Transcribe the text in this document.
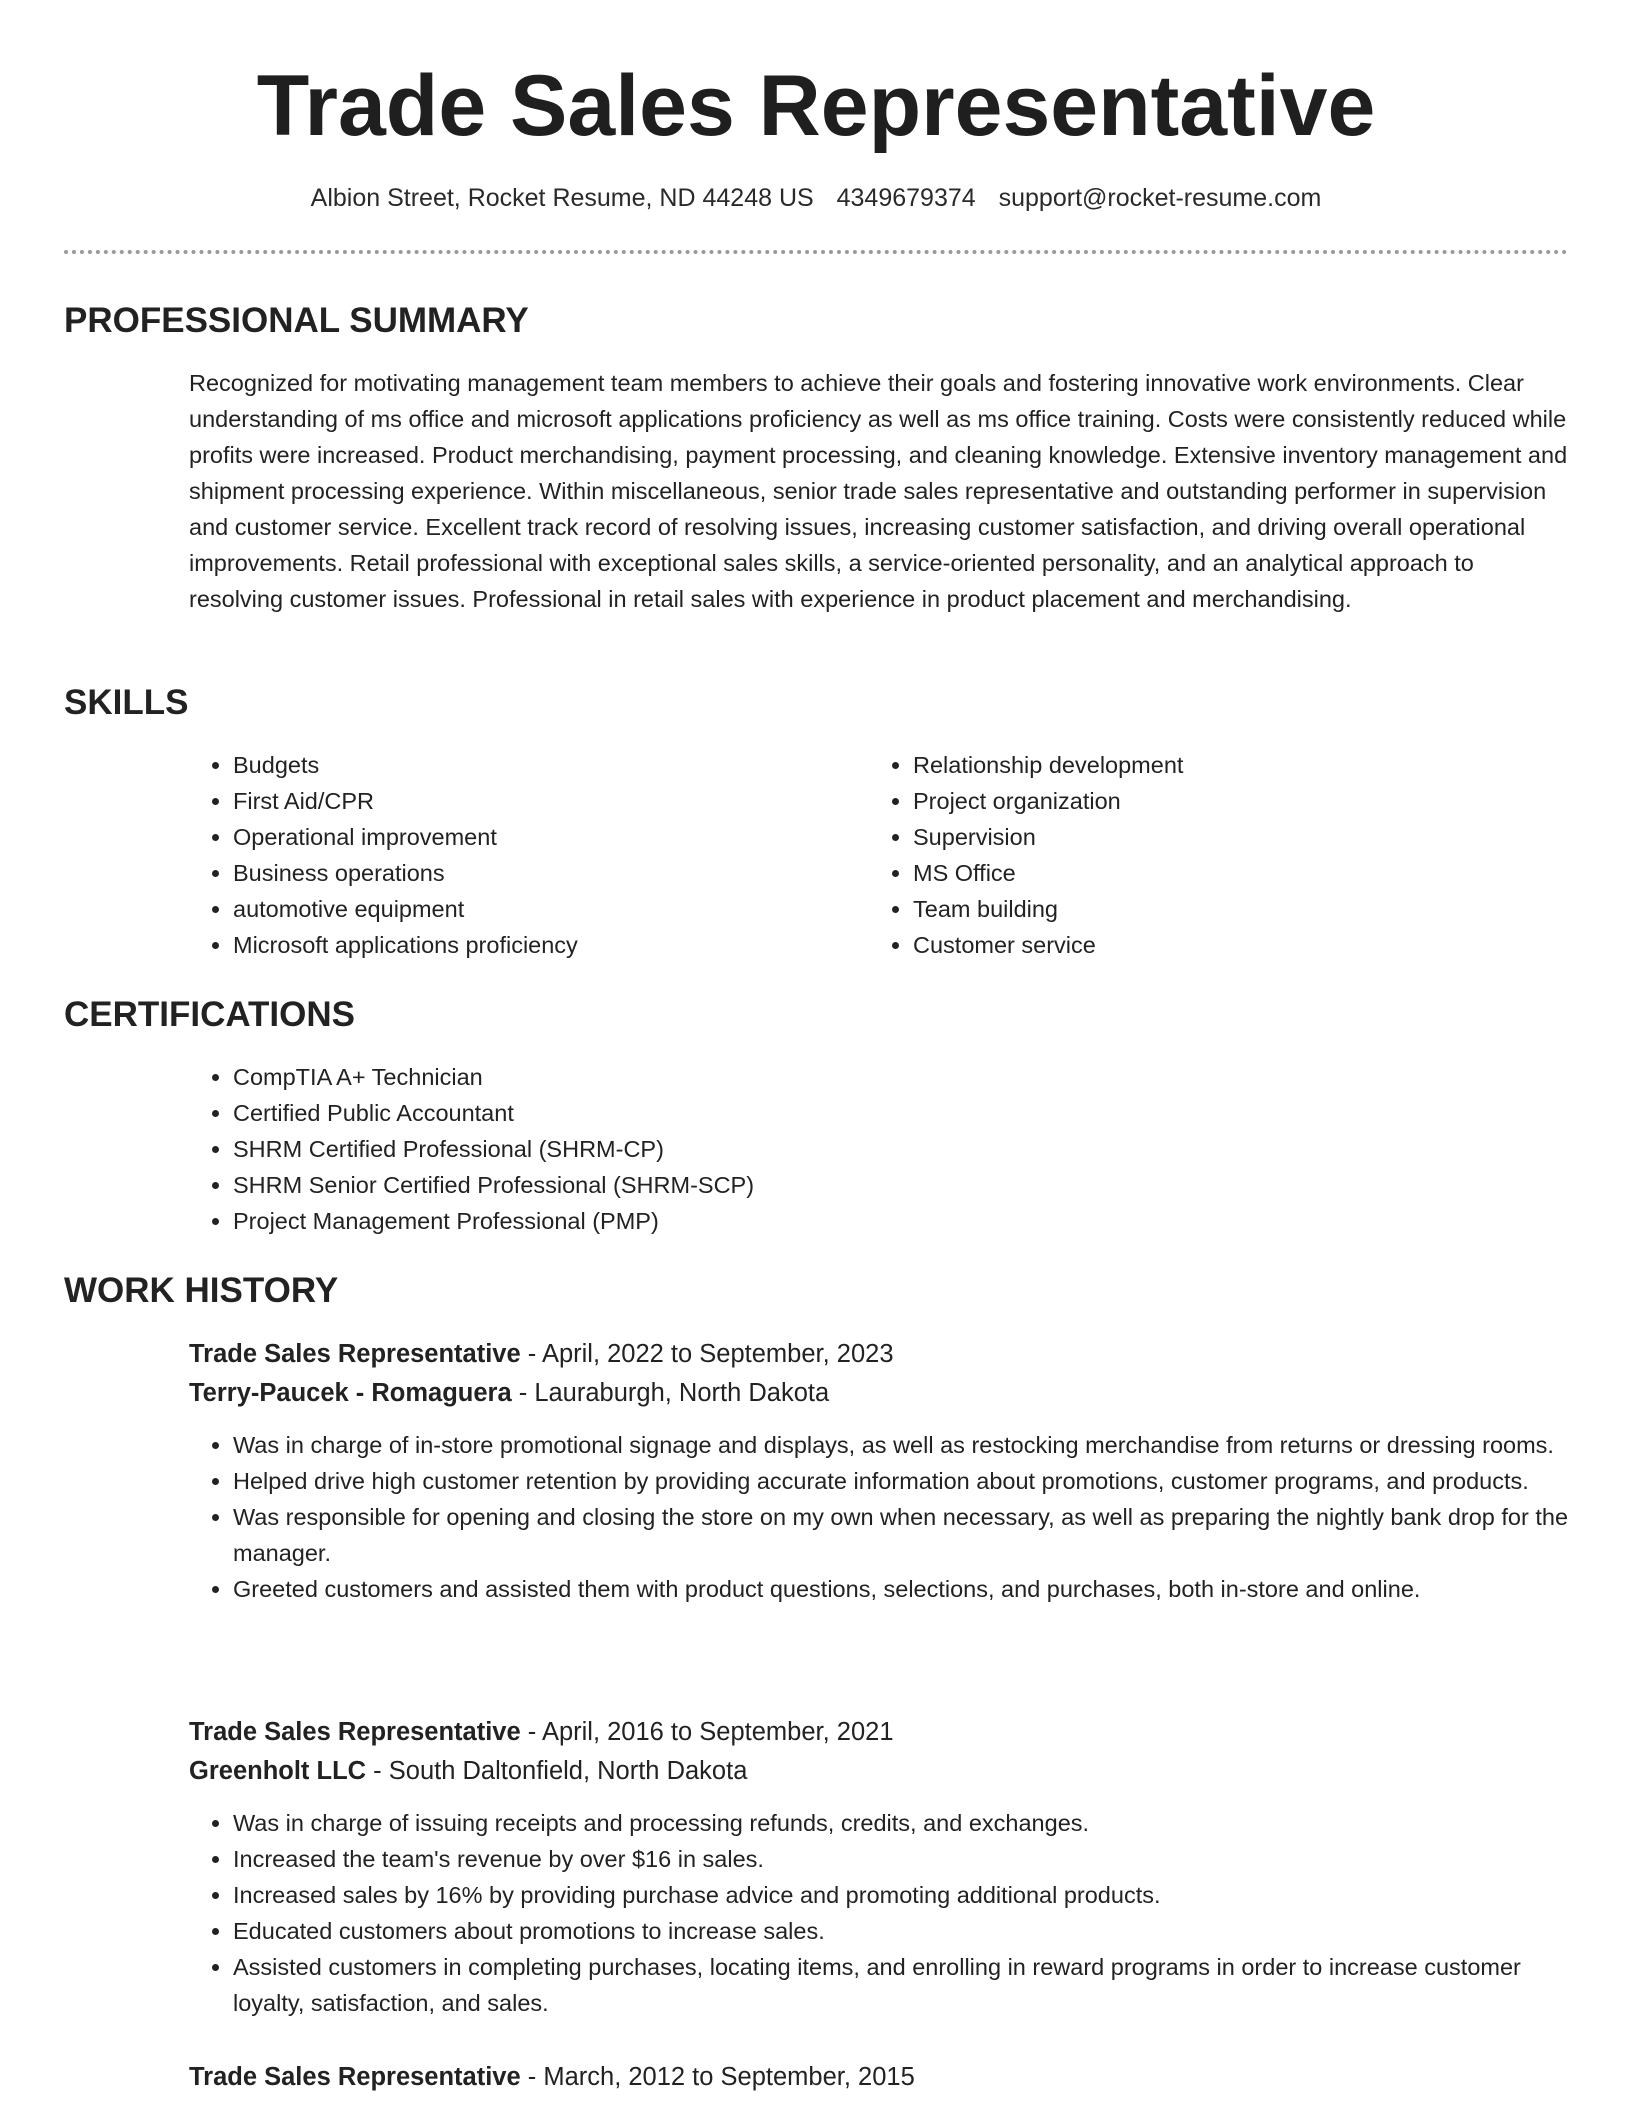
Trade Sales Representative
Albion Street, Rocket Resume, ND 44248 US 4349679374 support@rocket-resume.com
PROFESSIONAL SUMMARY

Recognized for motivating management team members to achieve their goals and fostering innovative work environments. Clear understanding of ms office and microsoft applications proficiency as well as ms office training. Costs were consistently reduced while profits were increased. Product merchandising, payment processing, and cleaning knowledge. Extensive inventory management and shipment processing experience. Within miscellaneous, senior trade sales representative and outstanding performer in supervision and customer service. Excellent track record of resolving issues, increasing customer satisfaction, and driving overall operational improvements. Retail professional with exceptional sales skills, a service-oriented personality, and an analytical approach to resolving customer issues. Professional in retail sales with experience in product placement and merchandising.

SKILLS
• Budgets
• First Aid/CPR
• Operational improvement
• Business operations
• automotive equipment
• Microsoft applications proficiency
• Relationship development
• Project organization
• Supervision
• MS Office
• Team building
• Customer service
CERTIFICATIONS
• CompTIA A+ Technician
• Certified Public Accountant
• SHRM Certified Professional (SHRM-CP)
• SHRM Senior Certified Professional (SHRM-SCP)
• Project Management Professional (PMP)
WORK HISTORY
Trade Sales Representative - April, 2022 to September, 2023
Terry-Paucek - Romaguera - Lauraburgh, North Dakota
• Was in charge of in-store promotional signage and displays, as well as restocking merchandise from returns or dressing rooms.
• Helped drive high customer retention by providing accurate information about promotions, customer programs, and products.
• Was responsible for opening and closing the store on my own when necessary, as well as preparing the nightly bank drop for the manager.
• Greeted customers and assisted them with product questions, selections, and purchases, both in-store and online.
Trade Sales Representative - April, 2016 to September, 2021
Greenholt LLC - South Daltonfield, North Dakota
• Was in charge of issuing receipts and processing refunds, credits, and exchanges.
• Increased the team's revenue by over $16 in sales.
• Increased sales by 16% by providing purchase advice and promoting additional products.
• Educated customers about promotions to increase sales.
• Assisted customers in completing purchases, locating items, and enrolling in reward programs in order to increase customer loyalty, satisfaction, and sales.
Trade Sales Representative - March, 2012 to September, 2015
